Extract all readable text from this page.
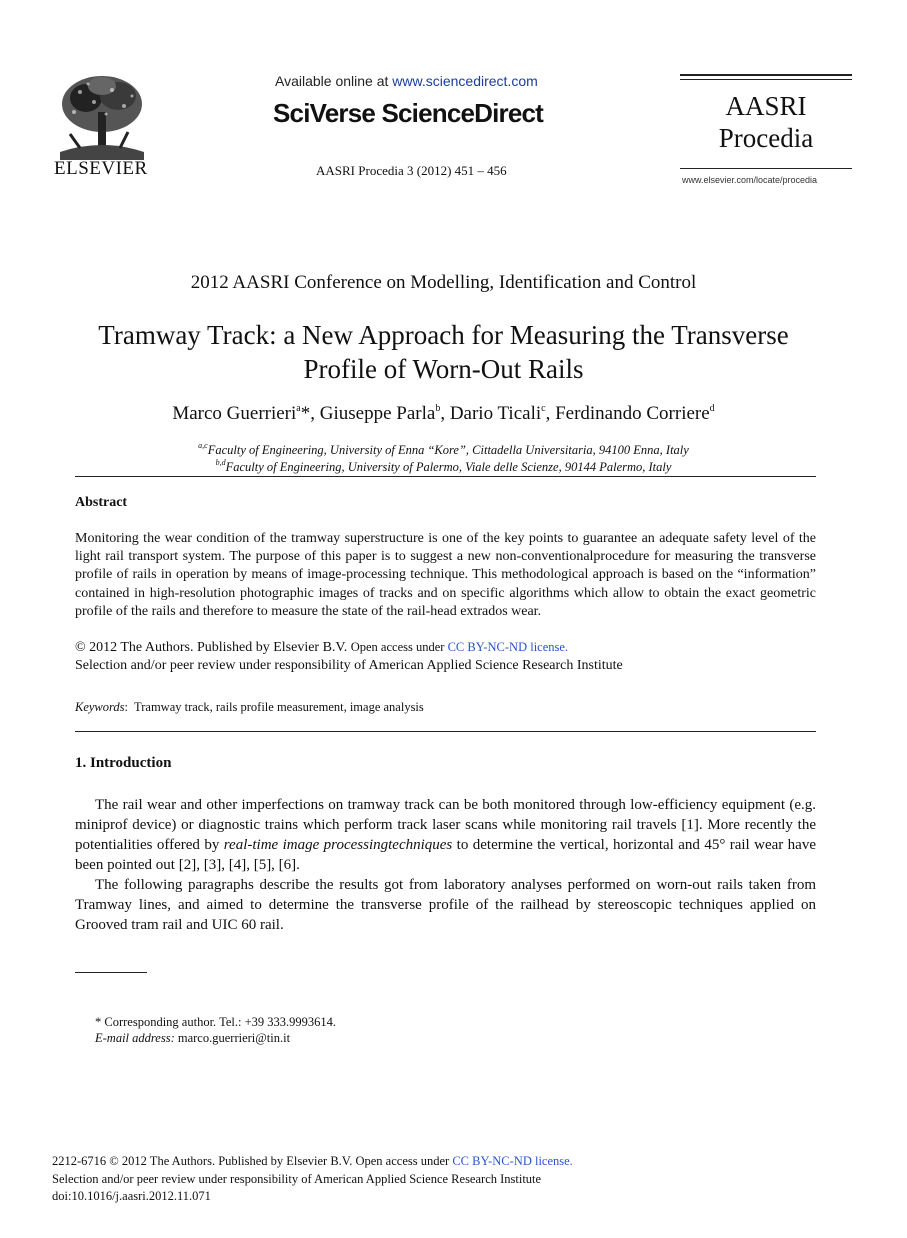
ELSEVIER
Available online at www.sciencedirect.com
SciVerse ScienceDirect
AASRI Procedia 3 (2012) 451 – 456
AASRI
Procedia
www.elsevier.com/locate/procedia
2012 AASRI Conference on Modelling, Identification and Control
Tramway Track: a New Approach for Measuring the Transverse
Profile of Worn-Out Rails
Marco Guerrieri$^a$*, Giuseppe Parla$^b$, Dario Ticali$^c$, Ferdinando Corriere$^d$
$^{a,c}$Faculty of Engineering, University of Enna “Kore”, Cittadella Universitaria, 94100 Enna, Italy
$^{b,d}$Faculty of Engineering, University of Palermo, Viale delle Scienze, 90144 Palermo, Italy
Abstract
Monitoring the wear condition of the tramway superstructure is one of the key points to guarantee an adequate safety level of the light rail transport system. The purpose of this paper is to suggest a new non-conventionalprocedure for measuring the transverse profile of rails in operation by means of image-processing technique. This methodological approach is based on the “information” contained in high-resolution photographic images of tracks and on specific algorithms which allow to obtain the exact geometric profile of the rails and therefore to measure the state of the rail-head extrados wear.
© 2012 The Authors. Published by Elsevier B.V. Open access under CC BY-NC-ND license.
Selection and/or peer review under responsibility of American Applied Science Research Institute
Keywords:  Tramway track, rails profile measurement, image analysis
1. Introduction
The rail wear and other imperfections on tramway track can be both monitored through low-efficiency equipment (e.g. miniprof device) or diagnostic trains which perform track laser scans while monitoring rail travels [1]. More recently the potentialities offered by real-time image processingtechniques to determine the vertical, horizontal and 45° rail wear have been pointed out [2], [3], [4], [5], [6].
The following paragraphs describe the results got from laboratory analyses performed on worn-out rails taken from Tramway lines, and aimed to determine the transverse profile of the railhead by stereoscopic techniques applied on Grooved tram rail and UIC 60 rail.
* Corresponding author. Tel.: +39 333.9993614.
E-mail address: marco.guerrieri@tin.it
2212-6716 © 2012 The Authors. Published by Elsevier B.V. Open access under CC BY-NC-ND license.
Selection and/or peer review under responsibility of American Applied Science Research Institute
doi:10.1016/j.aasri.2012.11.071
